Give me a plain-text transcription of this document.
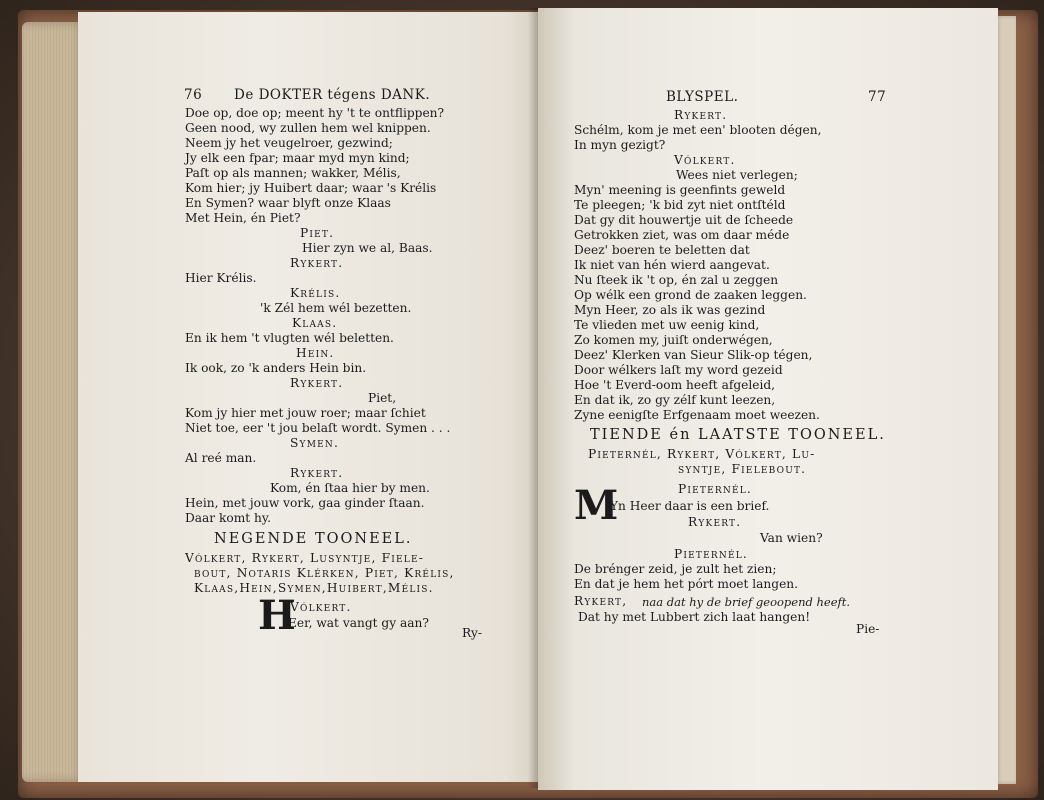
76 De DOKTER tégens DANK.
Doe op, doe op; meent hy 't te ontflippen?
Geen nood, wy zullen hem wel knippen.
Neem jy het veugelroer, gezwind;
Jy elk een fpar; maar myd myn kind;
Paſt op als mannen; wakker, Mélis,
Kom hier; jy Huibert daar; waar 's Krélis
En Symen? waar blyft onze Klaas
Met Hein, én Piet?
Piet.
Hier zyn we al, Baas.
Rykert.
Hier Krélis.
Krélis.
'k Zél hem wél bezetten.
Klaas.
En ik hem 't vlugten wél beletten.
Hein.
Ik ook, zo 'k anders Hein bin.
Rykert.
Piet,
Kom jy hier met jouw roer; maar ſchiet
Niet toe, eer 't jou belaſt wordt. Symen . . .
Symen.
Al reé man.
Rykert.
Kom, én ſtaa hier by men.
Hein, met jouw vork, gaa ginder ſtaan.
Daar komt hy.
NEGENDE TOONEEL.
Vólkert, Rykert, Lusyntje, Fiele-
bout, Notaris Klérken, Piet, Krélis,
Klaas,Hein,Symen,Huibert,Mélis.
H
Vólkert.
Eer, wat vangt gy aan?
Ry-
BLYSPEL.	77
Rykert.
Schélm, kom je met een' blooten dégen,
In myn gezigt?
Vólkert.
Wees niet verlegen;
Myn' meening is geenfints geweld
Te pleegen; 'k bid zyt niet ontſtéld
Dat gy dit houwertje uit de ſcheede
Getrokken ziet, was om daar méde
Deez' boeren te beletten dat
Ik niet van hén wierd aangevat.
Nu ſteek ik 't op, én zal u zeggen
Op wélk een grond de zaaken leggen.
Myn Heer, zo als ik was gezind
Te vlieden met uw eenig kind,
Zo komen my, juiſt onderwégen,
Deez' Klerken van Sieur Slik-op tégen,
Door wélkers laſt my word gezeid
Hoe 't Everd-oom heeft afgeleid,
En dat ik, zo gy zélf kunt leezen,
Zyne eenigſte Erfgenaam moet weezen.
TIENDE én LAATSTE TOONEEL.
Pieternél, Rykert, Vólkert, Lu-
syntje, Fielebout.
Pieternél.
M
Yn Heer daar is een brief.
Rykert.
Van wien?
Pieternél.
De brénger zeid, je zult het zien;
En dat je hem het pórt moet langen.
Rykert, naa dat hy de brief geoopend heeft.
Dat hy met Lubbert zich laat hangen!
Pie-
